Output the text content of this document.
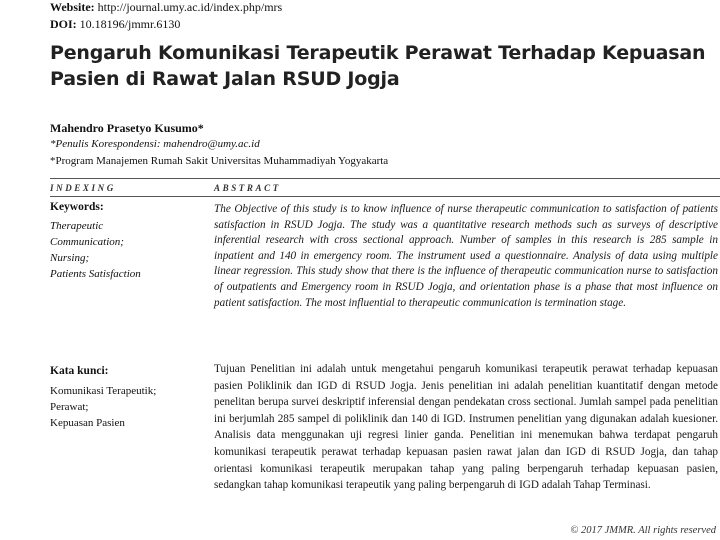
Website: http://journal.umy.ac.id/index.php/mrs
DOI: 10.18196/jmmr.6130
Pengaruh Komunikasi Terapeutik Perawat Terhadap Kepuasan
Pasien di Rawat Jalan RSUD Jogja
Mahendro Prasetyo Kusumo*
*Penulis Korespondensi: mahendro@umy.ac.id
*Program Manajemen Rumah Sakit Universitas Muhammadiyah Yogyakarta
INDEXING	ABSTRACT
Keywords:
Therapeutic
Communication;
Nursing;
Patients Satisfaction

The Objective of this study is to know influence of nurse therapeutic communication to satisfaction of patients satisfaction in RSUD Jogja. The study was a quantitative research methods such as surveys of descriptive inferential research with cross sectional approach. Number of samples in this research is 285 sample in inpatient and 140 in emergency room. The instrument used a questionnaire. Analysis of data using multiple linear regression. This study show that there is the influence of therapeutic communication nurse to satisfaction of outpatients and Emergency room in RSUD Jogja, and orientation phase is a phase that most influence on patient satisfaction. The most influential to therapeutic communication is termination stage.

Kata kunci:
Komunikasi Terapeutik;
Perawat;
Kepuasan Pasien

Tujuan Penelitian ini adalah untuk mengetahui pengaruh komunikasi terapeutik perawat terhadap kepuasan pasien Poliklinik dan IGD di RSUD Jogja. Jenis penelitian ini adalah penelitian kuantitatif dengan metode penelitan berupa survei deskriptif inferensial dengan pendekatan cross sectional. Jumlah sampel pada penelitian ini berjumlah 285 sampel di poliklinik dan 140 di IGD. Instrumen penelitian yang digunakan adalah kuesioner. Analisis data menggunakan uji regresi linier ganda. Penelitian ini menemukan bahwa terdapat pengaruh komunikasi terapeutik perawat terhadap kepuasan pasien rawat jalan dan IGD di RSUD Jogja, dan tahap orientasi komunikasi terapeutik merupakan tahap yang paling berpengaruh terhadap kepuasan pasien, sedangkan tahap komunikasi terapeutik yang paling berpengaruh di IGD adalah Tahap Terminasi.

© 2017 JMMR. All rights reserved
